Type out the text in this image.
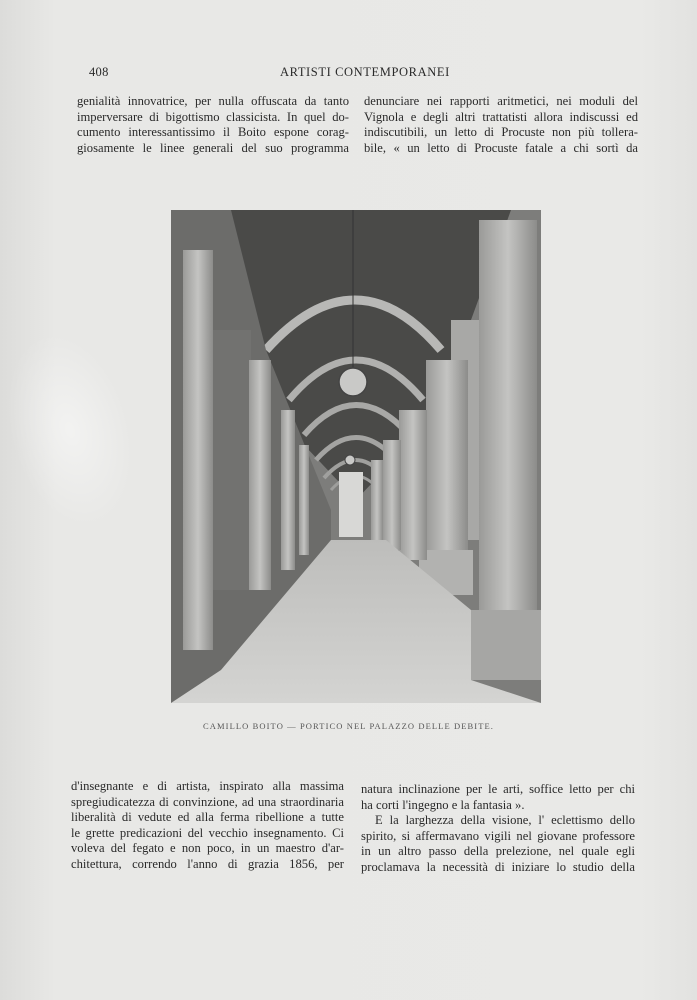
408	ARTISTI CONTEMPORANEI
genialità innovatrice, per nulla offuscata da tanto
imperversare di bigottismo classicista. In quel do-
cumento interessantissimo il Boito espone corag-
giosamente le linee generali del suo programma
denunciare nei rapporti aritmetici, nei moduli del
Vignola e degli altri trattatisti allora indiscussi ed
indiscutibili, un letto di Procuste non più tollera-
bile, « un letto di Procuste fatale a chi sortì da
CAMILLO BOITO — PORTICO NEL PALAZZO DELLE DEBITE.
d'insegnante e di artista, inspirato alla massima
spregiudicatezza di convinzione, ad una straordinaria
liberalità di vedute ed alla ferma ribellione a tutte
le grette predicazioni del vecchio insegnamento. Ci
voleva del fegato e non poco, in un maestro d'ar-
chitettura, correndo l'anno di grazia 1856, per
natura inclinazione per le arti, soffice letto per chi
ha corti l'ingegno e la fantasia ».
E la larghezza della visione, l' eclettismo dello
spirito, si affermavano vigili nel giovane professore
in un altro passo della prelezione, nel quale egli
proclamava la necessità di iniziare lo studio della
